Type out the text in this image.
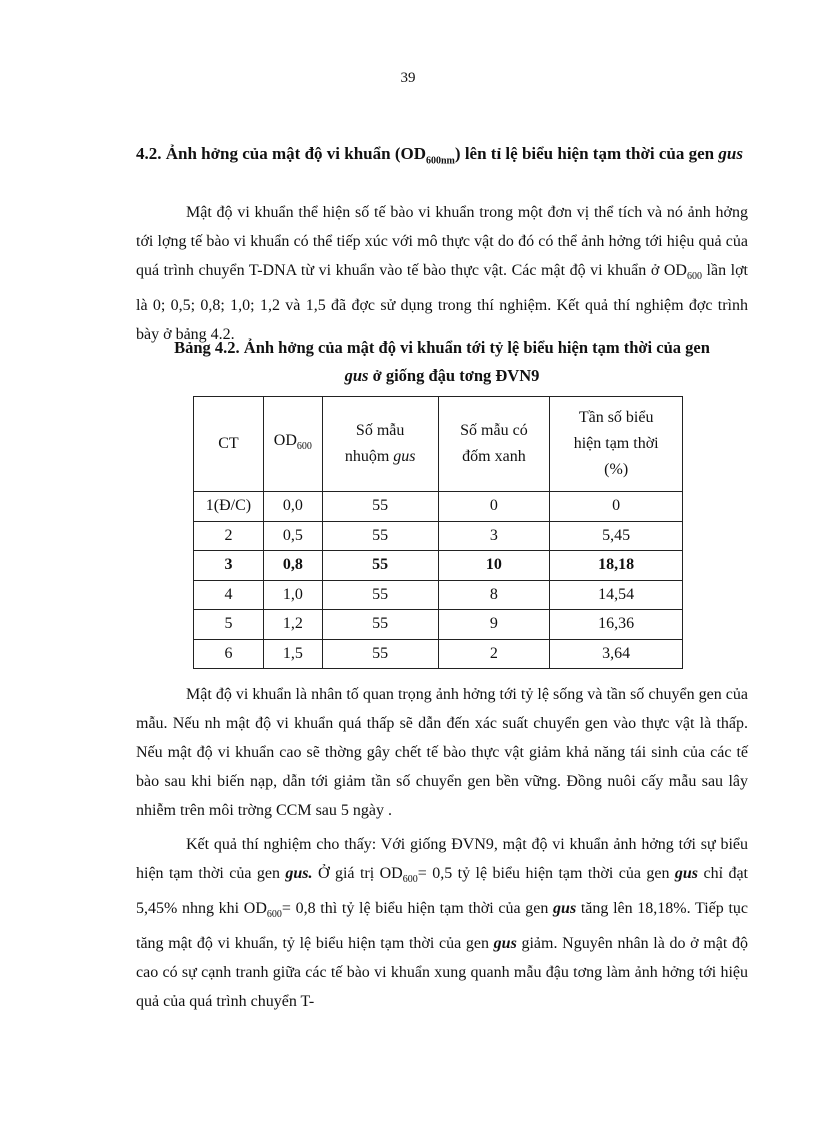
39
4.2. Ảnh hởng của mật độ vi khuẩn $(OD_{600nm})$ lên tỉ lệ biểu hiện tạm thời của gen gus
Mật độ vi khuẩn thể hiện số tế bào vi khuẩn trong một đơn vị thể tích và nó ảnh hởng tới lợng tế bào vi khuẩn có thể tiếp xúc với mô thực vật do đó có thể ảnh hởng tới hiệu quả của quá trình chuyển T-DNA từ vi khuẩn vào tế bào thực vật. Các mật độ vi khuẩn ở $OD_{600}$ lần lợt là 0; 0,5; 0,8; 1,0; 1,2 và 1,5 đã đợc sử dụng trong thí nghiệm. Kết quả thí nghiệm đợc trình bày ở bảng 4.2.
Bảng 4.2. Ảnh hởng của mật độ vi khuẩn tới tỷ lệ biểu hiện tạm thời của gen
gus ở giống đậu tơng ĐVN9
CT	$OD_{600}$	Số mẫu nhuộm gus	Số mẫu có đốm xanh	Tần số biểu hiện tạm thời (%)
1(Đ/C)	0,0	55	0	0
2	0,5	55	3	5,45
3	0,8	55	10	18,18
4	1,0	55	8	14,54
5	1,2	55	9	16,36
6	1,5	55	2	3,64
Mật độ vi khuẩn là nhân tố quan trọng ảnh hởng tới tỷ lệ sống và tần số chuyển gen của mẫu. Nếu nh mật độ vi khuẩn quá thấp sẽ dẫn đến xác suất chuyển gen vào thực vật là thấp. Nếu mật độ vi khuẩn cao sẽ thờng gây chết tế bào thực vật giảm khả năng tái sinh của các tế bào sau khi biến nạp, dẫn tới giảm tần số chuyển gen bền vững. Đồng nuôi cấy mẫu sau lây nhiễm trên môi trờng CCM sau 5 ngày .
Kết quả thí nghiệm cho thấy: Với giống ĐVN9, mật độ vi khuẩn ảnh hởng tới sự biểu hiện tạm thời của gen gus. Ở giá trị $OD_{600}= 0,5$ tỷ lệ biểu hiện tạm thời của gen gus chỉ đạt 5,45% nhng khi $OD_{600}= 0,8$ thì tỷ lệ biểu hiện tạm thời của gen gus tăng lên 18,18%. Tiếp tục tăng mật độ vi khuẩn, tỷ lệ biểu hiện tạm thời của gen gus giảm. Nguyên nhân là do ở mật độ cao có sự cạnh tranh giữa các tế bào vi khuẩn xung quanh mẫu đậu tơng làm ảnh hởng tới hiệu quả của quá trình chuyển T-
